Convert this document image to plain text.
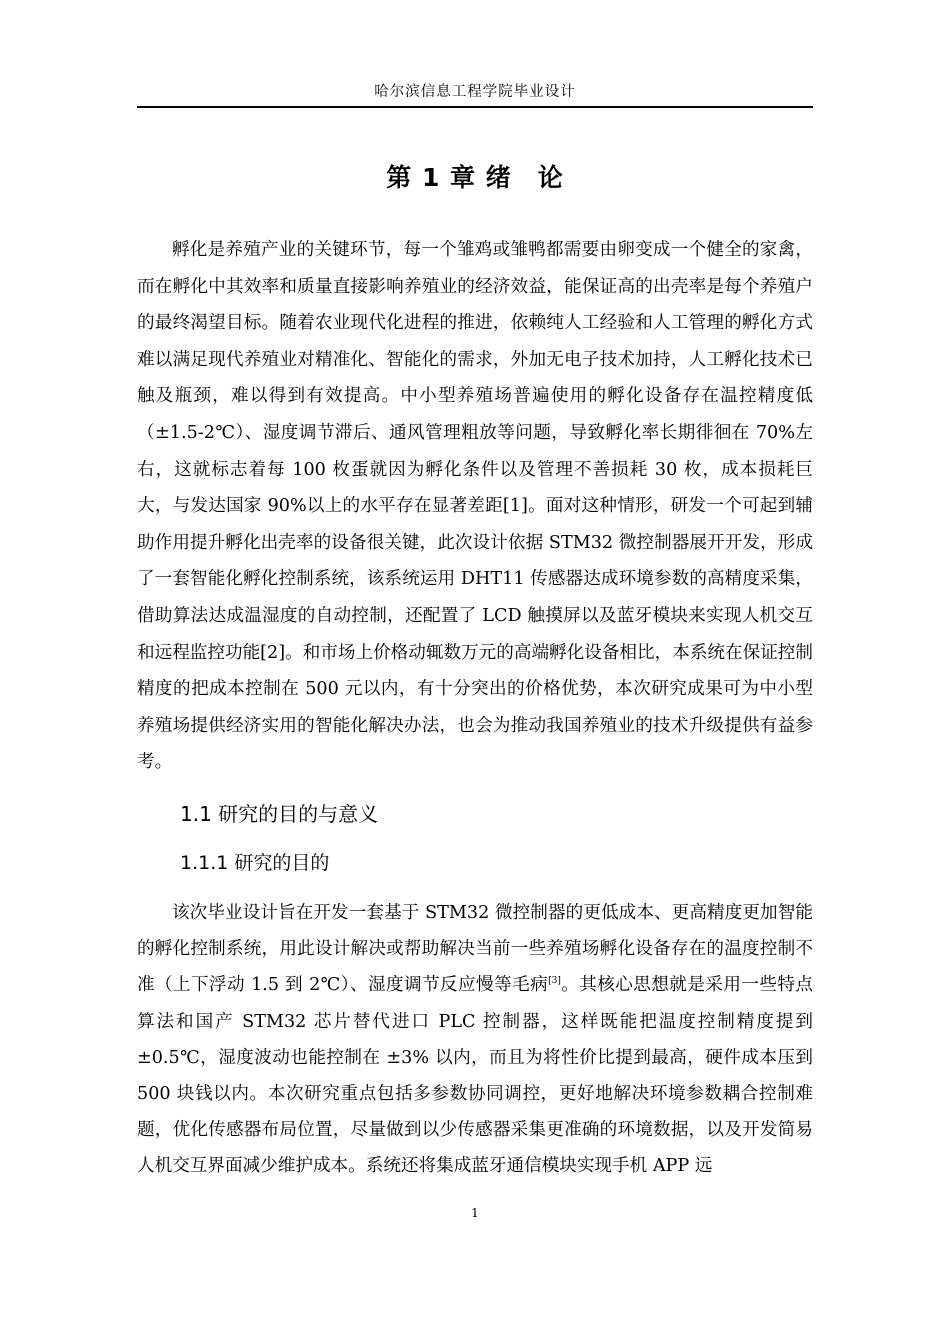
哈尔滨信息工程学院毕业设计
第 1 章 绪　论

孵化是养殖产业的关键环节，每一个雏鸡或雏鸭都需要由卵变成一个健全的家禽，而在孵化中其效率和质量直接影响养殖业的经济效益，能保证高的出壳率是每个养殖户的最终渴望目标。随着农业现代化进程的推进，依赖纯人工经验和人工管理的孵化方式难以满足现代养殖业对精准化、智能化的需求，外加无电子技术加持，人工孵化技术已触及瓶颈，难以得到有效提高。中小型养殖场普遍使用的孵化设备存在温控精度低（±1.5-2℃）、湿度调节滞后、通风管理粗放等问题，导致孵化率长期徘徊在 70%左右，这就标志着每 100 枚蛋就因为孵化条件以及管理不善损耗 30 枚，成本损耗巨大，与发达国家 90%以上的水平存在显著差距[1]。面对这种情形，研发一个可起到辅助作用提升孵化出壳率的设备很关键，此次设计依据 STM32 微控制器展开开发，形成了一套智能化孵化控制系统，该系统运用 DHT11 传感器达成环境参数的高精度采集，借助算法达成温湿度的自动控制，还配置了 LCD 触摸屏以及蓝牙模块来实现人机交互和远程监控功能[2]。和市场上价格动辄数万元的高端孵化设备相比，本系统在保证控制精度的把成本控制在 500 元以内，有十分突出的价格优势，本次研究成果可为中小型养殖场提供经济实用的智能化解决办法，也会为推动我国养殖业的技术升级提供有益参考。

1.1 研究的目的与意义
1.1.1 研究的目的

该次毕业设计旨在开发一套基于 STM32 微控制器的更低成本、更高精度更加智能的孵化控制系统，用此设计解决或帮助解决当前一些养殖场孵化设备存在的温度控制不准（上下浮动 1.5 到 2℃）、湿度调节反应慢等毛病[3]。其核心思想就是采用一些特点算法和国产 STM32 芯片替代进口 PLC 控制器，这样既能把温度控制精度提到±0.5℃，湿度波动也能控制在 ±3% 以内，而且为将性价比提到最高，硬件成本压到 500 块钱以内。本次研究重点包括多参数协同调控，更好地解决环境参数耦合控制难题，优化传感器布局位置，尽量做到以少传感器采集更准确的环境数据，以及开发简易人机交互界面减少维护成本。系统还将集成蓝牙通信模块实现手机 APP 远

1
